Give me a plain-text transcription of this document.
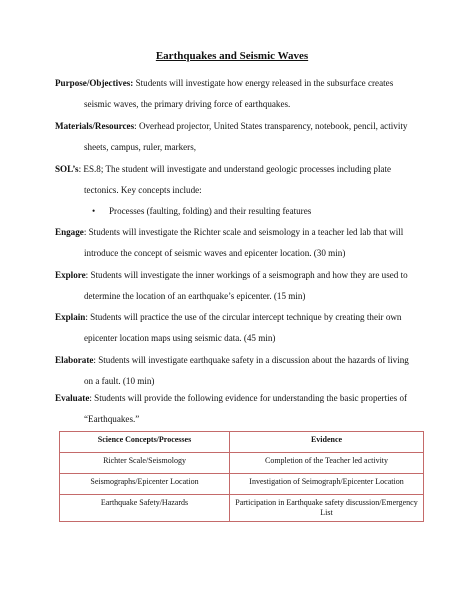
Earthquakes and Seismic Waves

Purpose/Objectives: Students will investigate how energy released in the subsurface creates
seismic waves, the primary driving force of earthquakes.

Materials/Resources: Overhead projector, United States transparency, notebook, pencil, activity
sheets, campus, ruler, markers,

SOL’s: ES.8; The student will investigate and understand geologic processes including plate
tectonics. Key concepts include:

• Processes (faulting, folding) and their resulting features

Engage: Students will investigate the Richter scale and seismology in a teacher led lab that will
introduce the concept of seismic waves and epicenter location. (30 min)

Explore: Students will investigate the inner workings of a seismograph and how they are used to
determine the location of an earthquake’s epicenter. (15 min)

Explain: Students will practice the use of the circular intercept technique by creating their own
epicenter location maps using seismic data. (45 min)

Elaborate: Students will investigate earthquake safety in a discussion about the hazards of living
on a fault. (10 min)

Evaluate: Students will provide the following evidence for understanding the basic properties of
“Earthquakes.”

Science Concepts/Processes	Evidence
Richter Scale/Seismology	Completion of the Teacher led activity
Seismographs/Epicenter Location	Investigation of Seimograph/Epicenter Location
Earthquake Safety/Hazards	Participation in Earthquake safety discussion/Emergency List
